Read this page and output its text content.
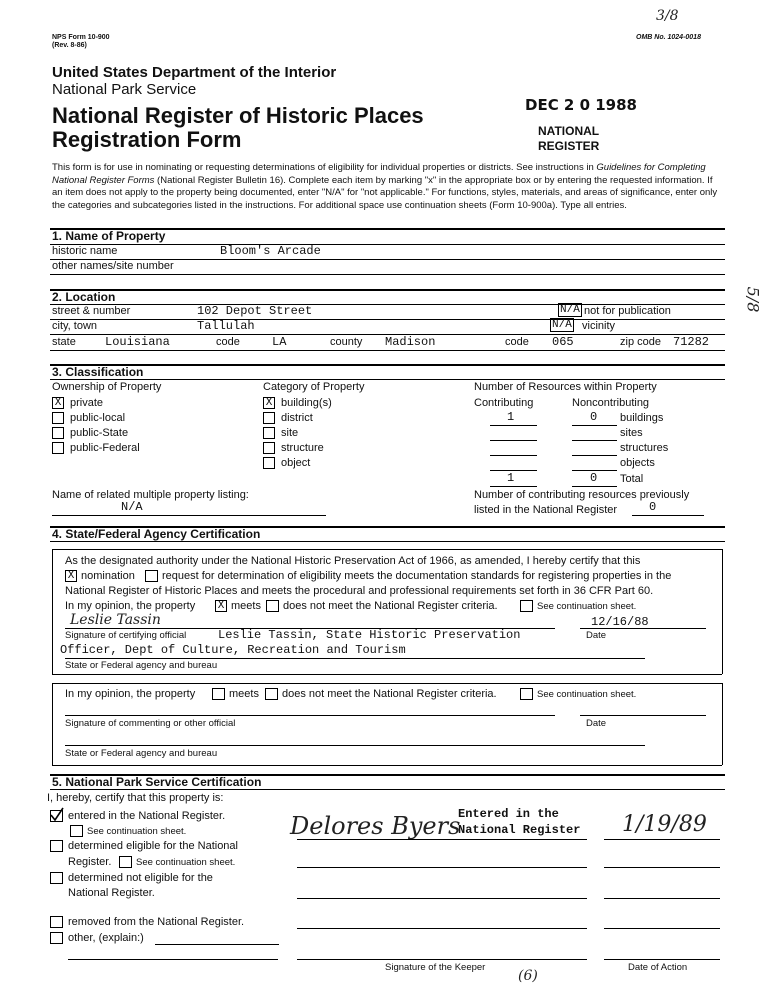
NPS Form 10-900
(Rev. 8-86)
OMB No. 1024-0018
3/8
5/8
United States Department of the Interior
National Park Service
National Register of Historic Places
Registration Form
DEC 2 0 1988
NATIONAL
REGISTER
This form is for use in nominating or requesting determinations of eligibility for individual properties or districts. See instructions in Guidelines for Completing National Register Forms (National Register Bulletin 16). Complete each item by marking "x" in the appropriate box or by entering the requested information. If an item does not apply to the property being documented, enter "N/A" for "not applicable." For functions, styles, materials, and areas of significance, enter only the categories and subcategories listed in the instructions. For additional space use continuation sheets (Form 10-900a). Type all entries.
1. Name of Property
historic name	Bloom's Arcade
other names/site number
2. Location
street & number	102 Depot Street	N/A not for publication
city, town	Tallulah	N/A vicinity
state Louisiana	code	LA	county Madison	code 065	zip code 71282
3. Classification
Ownership of Property
X private
public-local
public-State
public-Federal
Category of Property
X building(s)
district
site
structure
object
Number of Resources within Property
Contributing	Noncontributing
1	0 buildings
sites
structures
objects
1	0 Total
Name of related multiple property listing:
N/A
Number of contributing resources previously
listed in the National Register	0
4. State/Federal Agency Certification
As the designated authority under the National Historic Preservation Act of 1966, as amended, I hereby certify that this
X nomination request for determination of eligibility meets the documentation standards for registering properties in the
National Register of Historic Places and meets the procedural and professional requirements set forth in 36 CFR Part 60.
In my opinion, the property X meets does not meet the National Register criteria.	See continuation sheet.
Leslie Tassin	12/16/88
Signature of certifying official	Leslie Tassin, State Historic Preservation	Date
Officer, Dept of Culture, Recreation and Tourism
State or Federal agency and bureau
In my opinion, the property	meets does not meet the National Register criteria.	See continuation sheet.
Signature of commenting or other official	Date
State or Federal agency and bureau
5. National Park Service Certification
I, hereby, certify that this property is:
entered in the National Register.
See continuation sheet.
determined eligible for the National
Register.	See continuation sheet.
determined not eligible for the
National Register.
removed from the National Register.
other, (explain:)
Delores Byers
Entered in the
National Register 1/19/89
Signature of the Keeper	Date of Action
(6)
